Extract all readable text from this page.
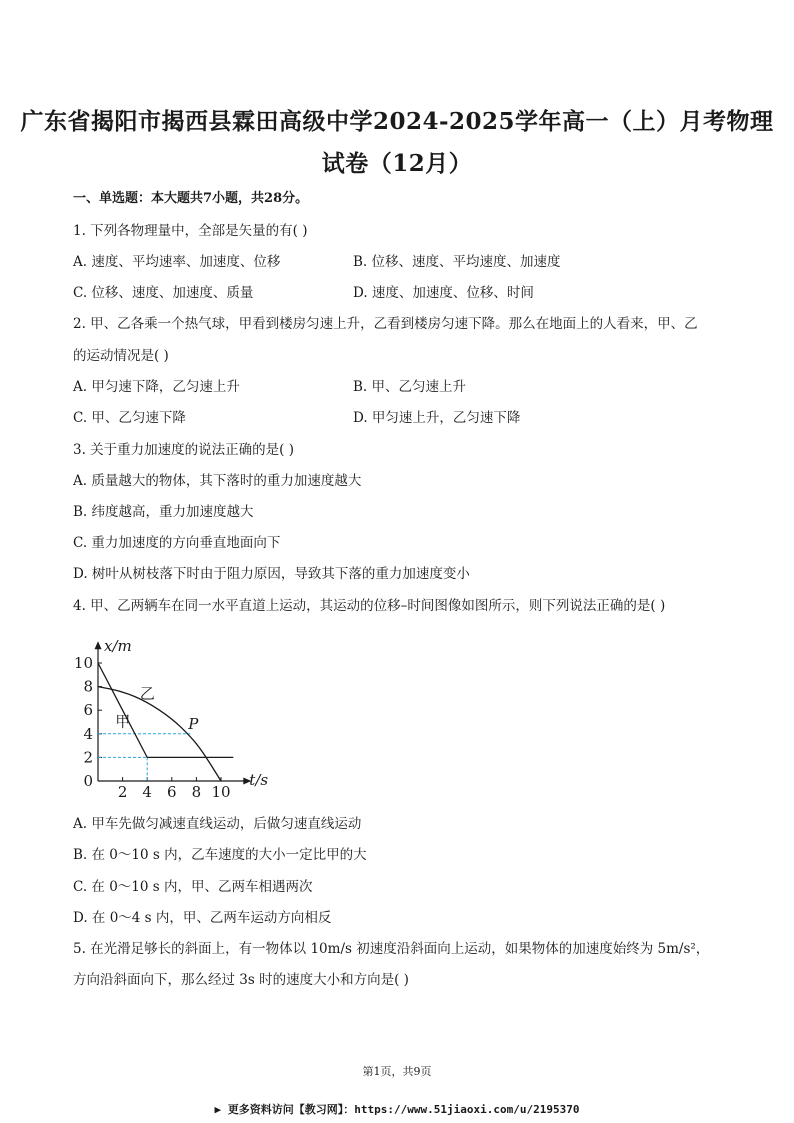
广东省揭阳市揭西县霖田高级中学2024-2025学年高一（上）月考物理
试卷（12月）
一、单选题：本大题共7小题，共28分。
1. 下列各物理量中，全部是矢量的有( )
A. 速度、平均速率、加速度、位移	B. 位移、速度、平均速度、加速度
C. 位移、速度、加速度、质量	D. 速度、加速度、位移、时间
2. 甲、乙各乘一个热气球，甲看到楼房匀速上升，乙看到楼房匀速下降。那么在地面上的人看来，甲、乙
的运动情况是( )
A. 甲匀速下降，乙匀速上升	B. 甲、乙匀速上升
C. 甲、乙匀速下降	D. 甲匀速上升，乙匀速下降
3. 关于重力加速度的说法正确的是( )
A. 质量越大的物体，其下落时的重力加速度越大
B. 纬度越高，重力加速度越大
C. 重力加速度的方向垂直地面向下
D. 树叶从树枝落下时由于阻力原因，导致其下落的重力加速度变小
4. 甲、乙两辆车在同一水平直道上运动，其运动的位移–时间图像如图所示，则下列说法正确的是( )
x/m
t/s
2 4 6 8 10
0
2
4
6
8
10
甲
乙
P
A. 甲车先做匀减速直线运动，后做匀速直线运动
B. 在 0～10 s 内，乙车速度的大小一定比甲的大
C. 在 0～10 s 内，甲、乙两车相遇两次
D. 在 0～4 s 内，甲、乙两车运动方向相反
5. 在光滑足够长的斜面上，有一物体以 10m/s 初速度沿斜面向上运动，如果物体的加速度始终为 5m/s²，
方向沿斜面向下，那么经过 3s 时的速度大小和方向是( )
第1页，共9页
▶ 更多资料访问【教习网】：https://www.51jiaoxi.com/u/2195370
